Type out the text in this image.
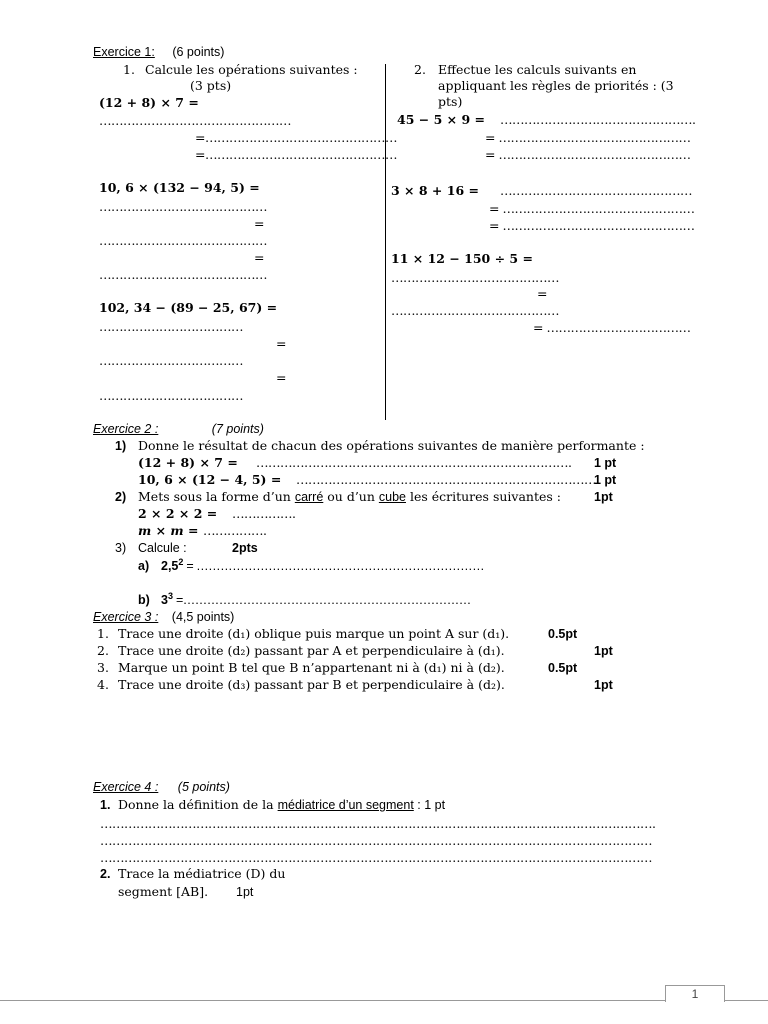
Exercice 1: (6 points)
1. Calcule les opérations suivantes :
(3 pts)
(12 + 8) × 7 =
…………………………………………
=…………………………………………
=…………………………………………
10, 6 × (132 − 94, 5) =
……………………………………
=
……………………………………
=
……………………………………
102, 34 − (89 − 25, 67) =
………………………………
=
………………………………
=
………………………………
2. Effectue les calculs suivants en
appliquant les règles de priorités : (3
pts)
45 − 5 × 9 = ………………………………………….
= …………………………………………
= …………………………………………
3 × 8 + 16 = …………………………………………
= …………………………………………
= …………………………………………
11 × 12 − 150 ÷ 5 =
……………………………………
=
……………………………………
= ………………………………
Exercice 2 :	(7 points)
1) Donne le résultat de chacun des opérations suivantes de manière performante :
(12 + 8) × 7 = ……………………………………………………………………. 1 pt
10, 6 × (12 − 4, 5) = …………………………………………………………………
1 pt
2) Mets sous la forme d’un carré ou d’un cube les écritures suivantes :	1pt
2 × 2 × 2 = …………….
m × m = …………….
3) Calcule :	2pts
a) $2,5^2$ = ………………………………………………………………
b) $3^3$ =………………………………………………………………
Exercice 3 : (4,5 points)
1. Trace une droite (d₁) oblique puis marque un point A sur (d₁).	0.5pt
2. Trace une droite (d₂) passant par A et perpendiculaire à (d₁).	1pt
3. Marque un point B tel que B n’appartenant ni à (d₁) ni à (d₂).	0.5pt
4. Trace une droite (d₃) passant par B et perpendiculaire à (d₂).	1pt
Exercice 4 : (5 points)
1. Donne la définition de la médiatrice d’un segment : 1 pt
………………………………………………………………………………………………………………………….
…………………………………………………………………………………………………………………………
…………………………………………………………………………………………………………………………
2. Trace la médiatrice (D) du
segment [AB]. 1pt
1
